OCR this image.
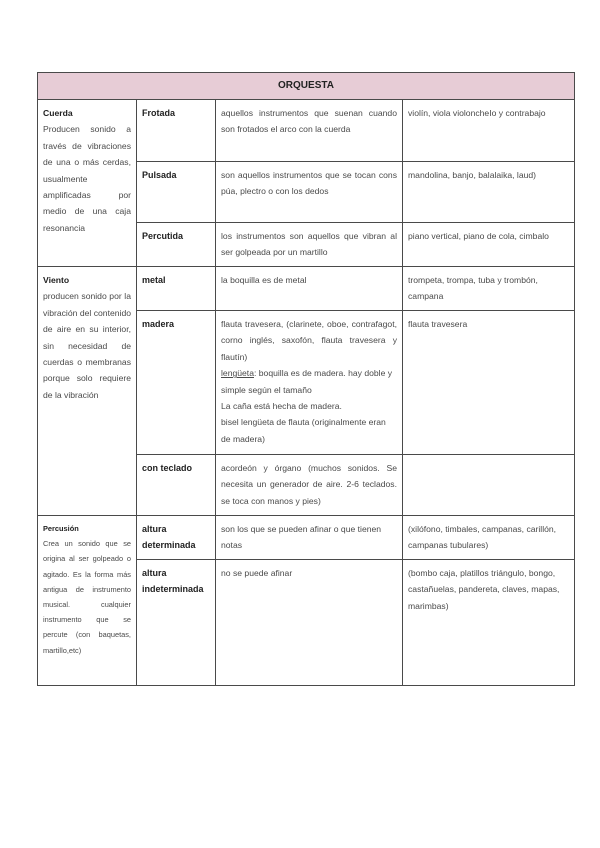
ORQUESTA			

Cuerda
Producen sonido a través de vibraciones de una o más cerdas, usualmente amplificadas por medio de una caja resonancia	Frotada	aquellos instrumentos que suenan cuando son frotados el arco con la cuerda	violín, viola violoncheIo y contrabajo
	Pulsada	son aquellos instrumentos que se tocan cons púa, plectro o con los dedos	mandolina, banjo, balalaika, laud)
	Percutida	los instrumentos son aquellos que vibran al ser golpeada por un martillo	piano vertical, piano de cola, cimbalo

Viento
producen sonido por la vibración del contenido de aire en su interior, sin necesidad de cuerdas o membranas porque solo requiere de la vibración	metal	la boquilla es de metal	trompeta, trompa, tuba y trombón, campana
	madera	flauta travesera, (clarinete, oboe, contrafagot, corno inglés, saxofón, flauta travesera y flautín)
lengüeta: boquilla es de madera. hay doble y simple según el tamaño
La caña está hecha de madera.
bisel lengüeta de flauta (originalmente eran de madera)	flauta travesera
	con teclado	acordeón y órgano (muchos sonidos. Se necesita un generador de aire. 2-6 teclados. se toca con manos y pies)	

Percusión
Crea un sonido que se origina al ser golpeado o agitado. Es la forma más antigua de instrumento musical. cualquier instrumento que se percute (con baquetas, martillo,etc)	altura determinada	son los que se pueden afinar o que tienen notas	(xilófono, timbales, campanas, carillón, campanas tubulares)
	altura indeterminada	no se puede afinar	(bombo caja, platillos triángulo, bongo, castañuelas, pandereta, claves, mapas, marimbas)
